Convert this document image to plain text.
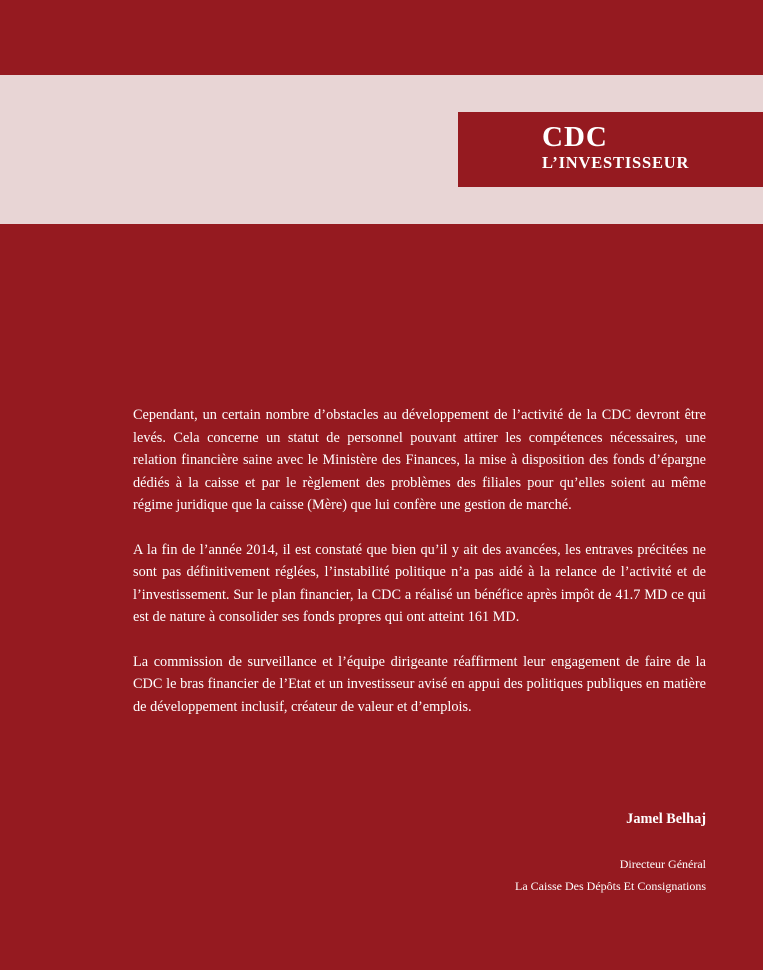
CDC
L’INVESTISSEUR

Cependant, un certain nombre d’obstacles au développement de l’activité de la CDC devront être levés. Cela concerne un statut de personnel pouvant attirer les compétences nécessaires, une relation financière saine avec le Ministère des Finances, la mise à disposition des fonds d’épargne dédiés à la caisse et par le règlement des problèmes des filiales pour qu’elles soient au même régime juridique que la caisse (Mère) que lui confère une gestion de marché.

A la fin de l’année 2014, il est constaté que bien qu’il y ait des avancées, les entraves précitées ne sont pas définitivement réglées, l’instabilité politique n’a pas aidé à la relance de l’activité et de l’investissement. Sur le plan financier, la CDC a réalisé un bénéfice après impôt de 41.7 MD ce qui est de nature à consolider ses fonds propres qui ont atteint 161 MD.

La commission de surveillance et l’équipe dirigeante réaffirment leur engagement de faire de la CDC le bras financier de l’Etat et un investisseur avisé en appui des politiques publiques en matière de développement inclusif, créateur de valeur et d’emplois.

Jamel Belhaj
Directeur Général
La Caisse Des Dépôts Et Consignations
